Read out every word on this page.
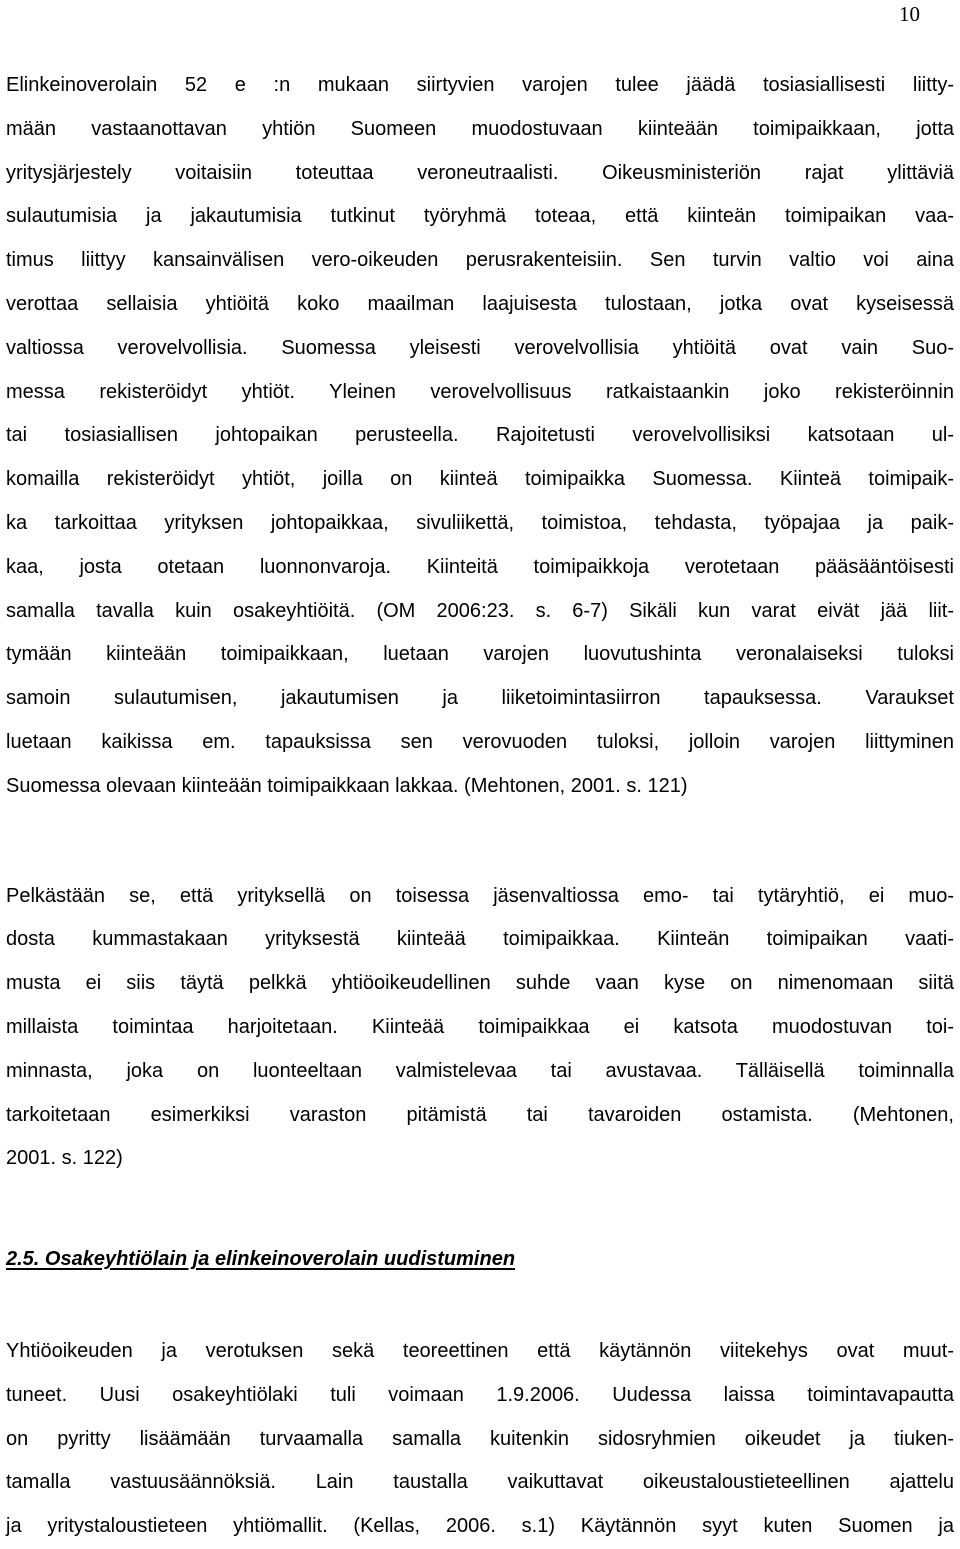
10
Elinkeinoverolain 52 e :n mukaan siirtyvien varojen tulee jäädä tosiasiallisesti liitty-
mään vastaanottavan yhtiön Suomeen muodostuvaan kiinteään toimipaikkaan, jotta
yritysjärjestely voitaisiin toteuttaa veroneutraalisti. Oikeusministeriön rajat ylittäviä
sulautumisia ja jakautumisia tutkinut työryhmä toteaa, että kiinteän toimipaikan vaa-
timus liittyy kansainvälisen vero-oikeuden perusrakenteisiin. Sen turvin valtio voi aina
verottaa sellaisia yhtiöitä koko maailman laajuisesta tulostaan, jotka ovat kyseisessä
valtiossa verovelvollisia. Suomessa yleisesti verovelvollisia yhtiöitä ovat vain Suo-
messa rekisteröidyt yhtiöt. Yleinen verovelvollisuus ratkaistaankin joko rekisteröinnin
tai tosiasiallisen johtopaikan perusteella. Rajoitetusti verovelvollisiksi katsotaan ul-
komailla rekisteröidyt yhtiöt, joilla on kiinteä toimipaikka Suomessa. Kiinteä toimipaik-
ka tarkoittaa yrityksen johtopaikkaa, sivuliikettä, toimistoa, tehdasta, työpajaa ja paik-
kaa, josta otetaan luonnonvaroja. Kiinteitä toimipaikkoja verotetaan pääsääntöisesti
samalla tavalla kuin osakeyhtiöitä. (OM 2006:23. s. 6-7) Sikäli kun varat eivät jää liit-
tymään kiinteään toimipaikkaan, luetaan varojen luovutushinta veronalaiseksi tuloksi
samoin sulautumisen, jakautumisen ja liiketoimintasiirron tapauksessa. Varaukset
luetaan kaikissa em. tapauksissa sen verovuoden tuloksi, jolloin varojen liittyminen
Suomessa olevaan kiinteään toimipaikkaan lakkaa. (Mehtonen, 2001. s. 121)
Pelkästään se, että yrityksellä on toisessa jäsenvaltiossa emo- tai tytäryhtiö, ei muo-
dosta kummastakaan yrityksestä kiinteää toimipaikkaa. Kiinteän toimipaikan vaati-
musta ei siis täytä pelkkä yhtiöoikeudellinen suhde vaan kyse on nimenomaan siitä
millaista toimintaa harjoitetaan. Kiinteää toimipaikkaa ei katsota muodostuvan toi-
minnasta, joka on luonteeltaan valmistelevaa tai avustavaa. Tälläisellä toiminnalla
tarkoitetaan esimerkiksi varaston pitämistä tai tavaroiden ostamista. (Mehtonen,
2001. s. 122)
2.5. Osakeyhtiölain ja elinkeinoverolain uudistuminen
Yhtiöoikeuden ja verotuksen sekä teoreettinen että käytännön viitekehys ovat muut-
tuneet. Uusi osakeyhtiölaki tuli voimaan 1.9.2006. Uudessa laissa toimintavapautta
on pyritty lisäämään turvaamalla samalla kuitenkin sidosryhmien oikeudet ja tiuken-
tamalla vastuusäännöksiä. Lain taustalla vaikuttavat oikeustaloustieteellinen ajattelu
ja yritystaloustieteen yhtiömallit. (Kellas, 2006. s.1) Käytännön syyt kuten Suomen ja
